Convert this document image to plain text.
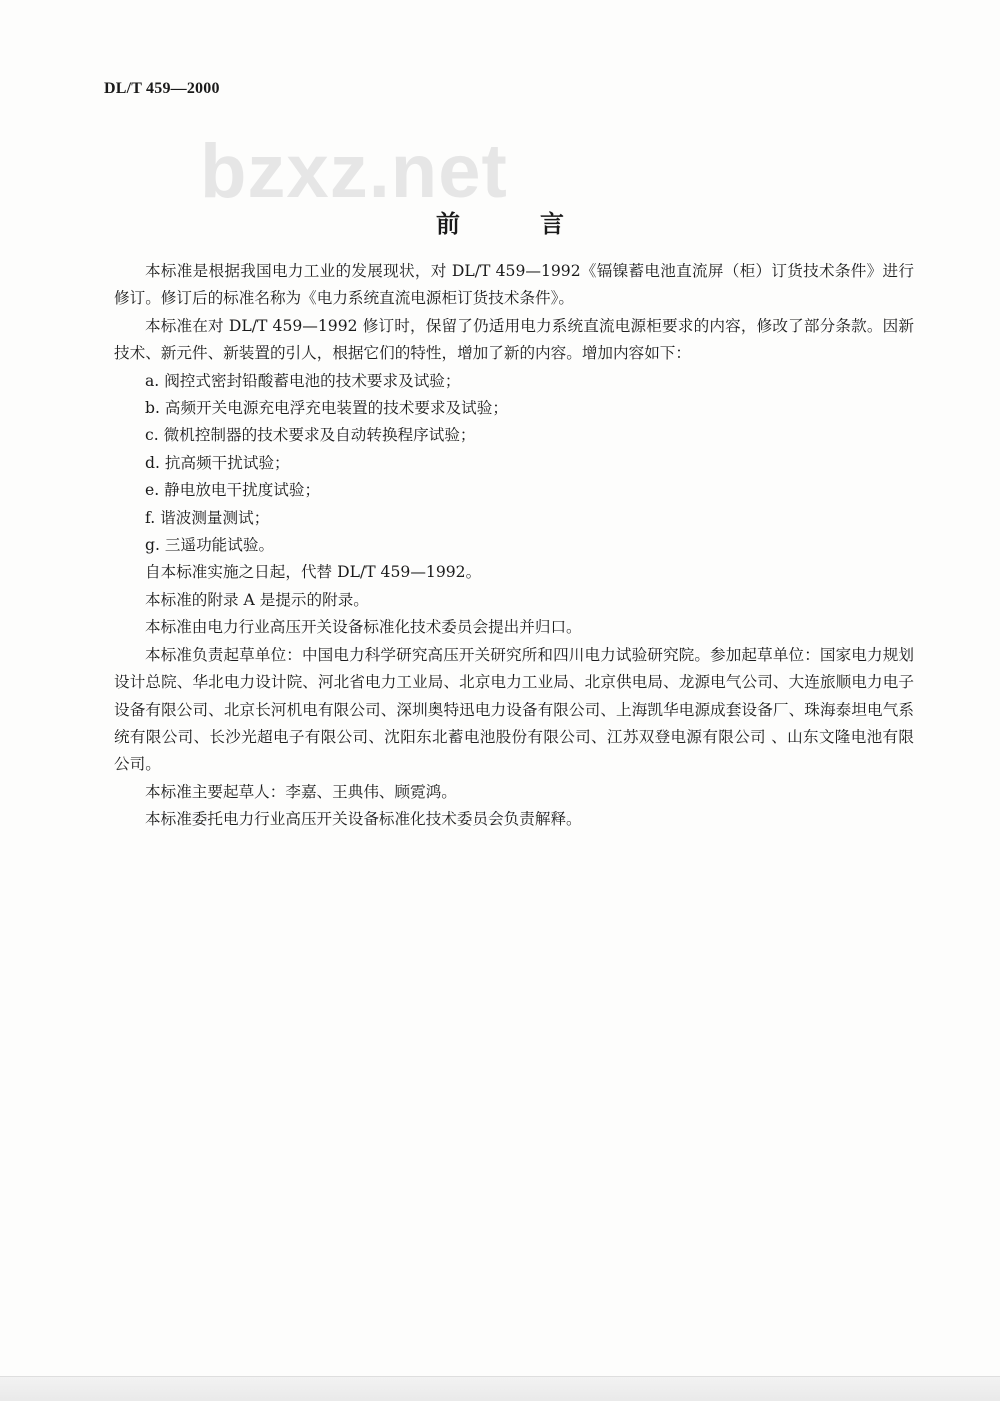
DL/T 459—2000
bzxz.net
前言

本标准是根据我国电力工业的发展现状，对 DL/T 459—1992《镉镍蓄电池直流屏（柜）订货技术条件》进行修订。修订后的标准名称为《电力系统直流电源柜订货技术条件》。

本标准在对 DL/T 459—1992 修订时，保留了仍适用电力系统直流电源柜要求的内容，修改了部分条款。因新技术、新元件、新装置的引人，根据它们的特性，增加了新的内容。增加内容如下：

a. 阀控式密封铅酸蓄电池的技术要求及试验；
b. 高频开关电源充电浮充电装置的技术要求及试验；
c. 微机控制器的技术要求及自动转换程序试验；
d. 抗高频干扰试验；
e. 静电放电干扰度试验；
f. 谐波测量测试；
g. 三遥功能试验。

自本标准实施之日起，代替 DL/T 459—1992。

本标准的附录 A 是提示的附录。

本标准由电力行业高压开关设备标准化技术委员会提出并归口。

本标准负责起草单位：中国电力科学研究高压开关研究所和四川电力试验研究院。参加起草单位：国家电力规划设计总院、华北电力设计院、河北省电力工业局、北京电力工业局、北京供电局、龙源电气公司、大连旅顺电力电子设备有限公司、北京长河机电有限公司、深圳奥特迅电力设备有限公司、上海凯华电源成套设备厂、珠海泰坦电气系统有限公司、长沙光超电子有限公司、沈阳东北蓄电池股份有限公司、江苏双登电源有限公司 、山东文隆电池有限公司。

本标准主要起草人：李嘉、王典伟、顾霓鸿。

本标准委托电力行业高压开关设备标准化技术委员会负责解释。
